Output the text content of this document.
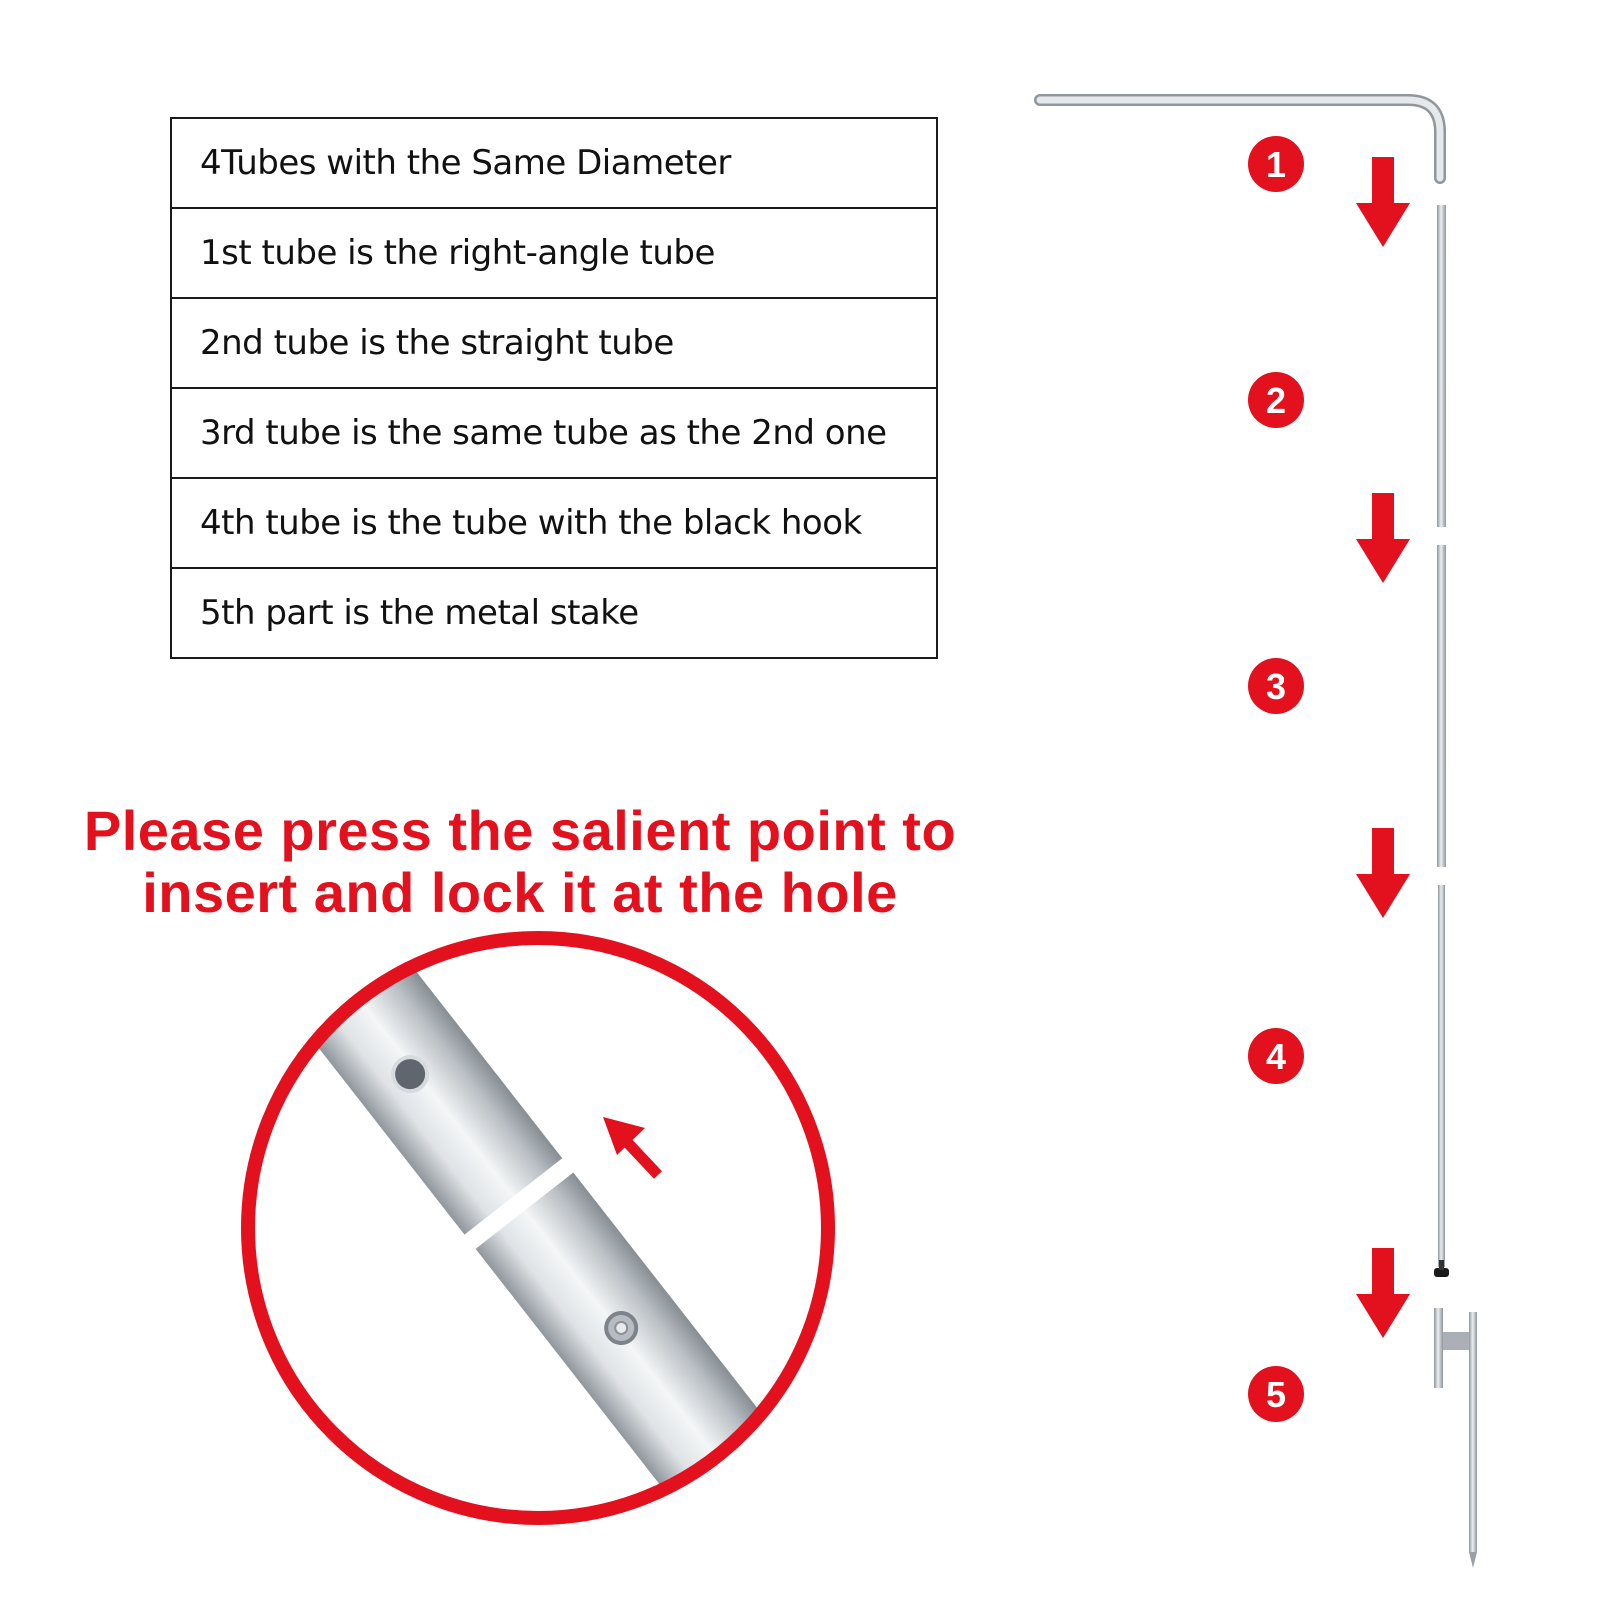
4Tubes with the Same Diameter
1st tube is the right-angle tube
2nd tube is the straight tube
3rd tube is the same tube as the 2nd one
4th tube is the tube with the black hook
5th part is the metal stake
Please press the salient point to
insert and lock it at the hole
1
2
3
4
5
